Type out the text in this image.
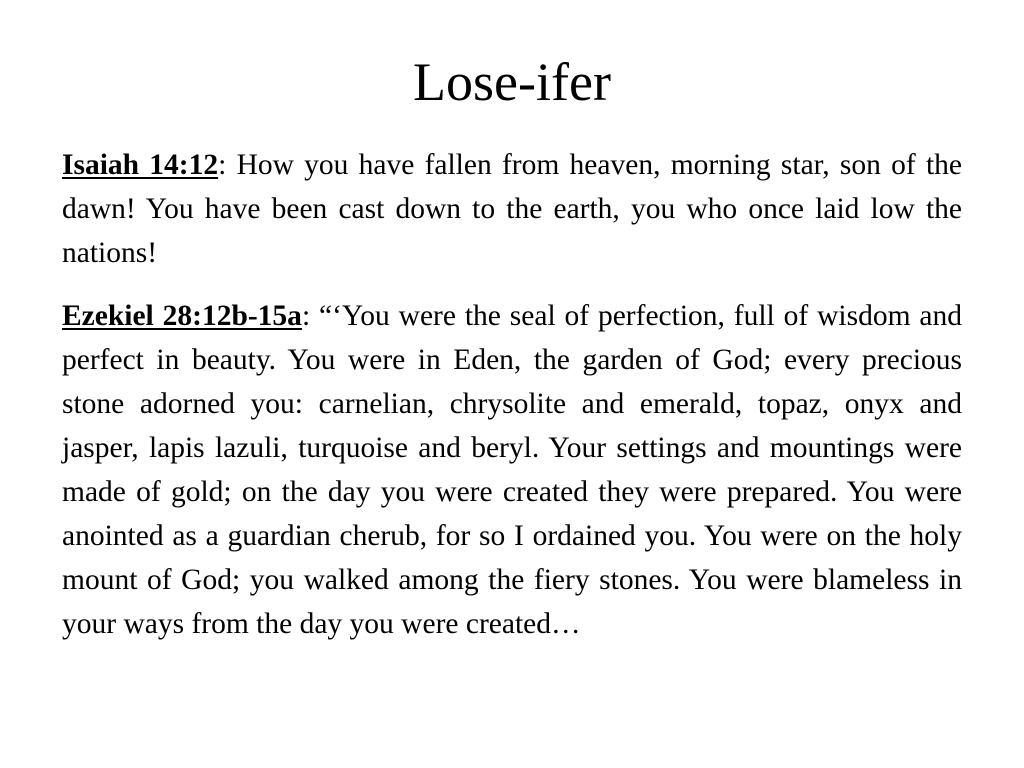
Lose-ifer

Isaiah 14:12: How you have fallen from heaven, morning star, son of the dawn! You have been cast down to the earth, you who once laid low the nations!

Ezekiel 28:12b-15a: “‘You were the seal of perfection, full of wisdom and perfect in beauty. You were in Eden, the garden of God; every precious stone adorned you: carnelian, chrysolite and emerald, topaz, onyx and jasper, lapis lazuli, turquoise and beryl. Your settings and mountings were made of gold; on the day you were created they were prepared. You were anointed as a guardian cherub, for so I ordained you. You were on the holy mount of God; you walked among the fiery stones. You were blameless in your ways from the day you were created…
